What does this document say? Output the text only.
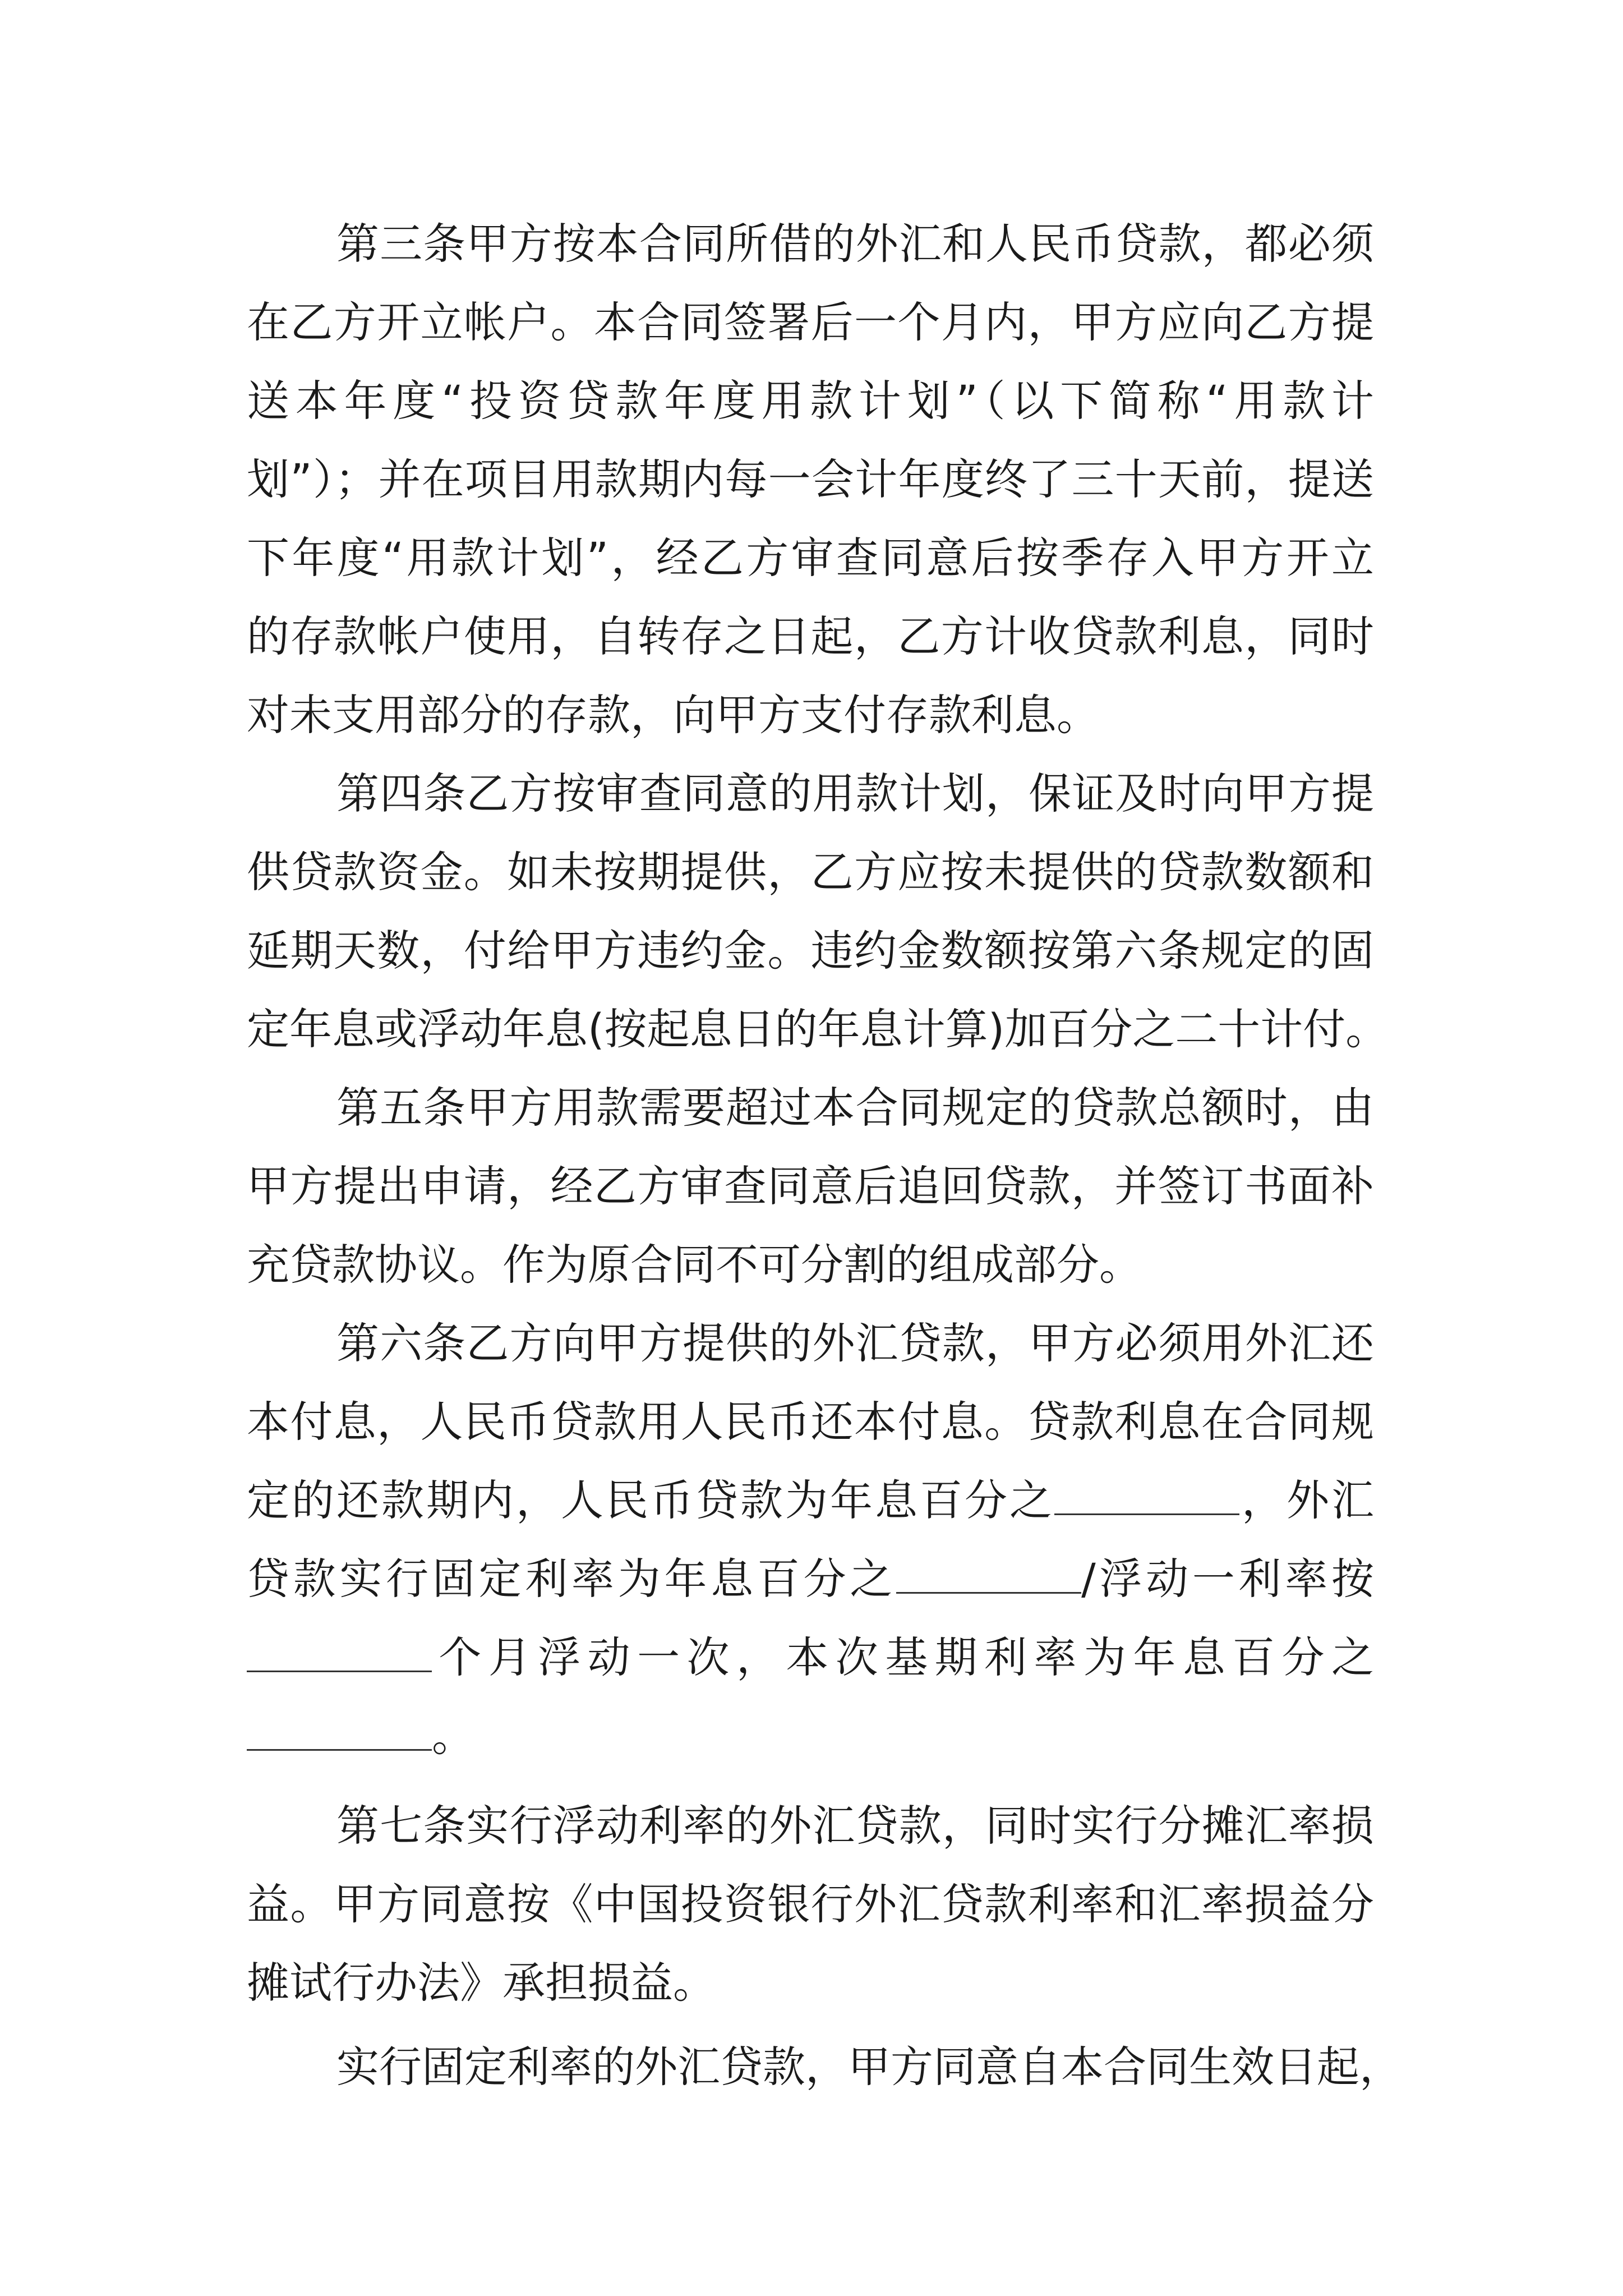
第三条甲方按本合同所借的外汇和人民币贷款，都必须
在乙方开立帐户。本合同签署后一个月内，甲方应向乙方提
送本年度“投资贷款年度用款计划”（以下简称“用款计
划”）；并在项目用款期内每一会计年度终了三十天前，提送
下年度“用款计划”，经乙方审查同意后按季存入甲方开立
的存款帐户使用，自转存之日起，乙方计收贷款利息，同时
对未支用部分的存款，向甲方支付存款利息。
第四条乙方按审查同意的用款计划，保证及时向甲方提
供贷款资金。如未按期提供，乙方应按未提供的贷款数额和
延期天数，付给甲方违约金。违约金数额按第六条规定的固
定年息或浮动年息(按起息日的年息计算)加百分之二十计付。
第五条甲方用款需要超过本合同规定的贷款总额时，由
甲方提出申请，经乙方审查同意后追回贷款，并签订书面补
充贷款协议。作为原合同不可分割的组成部分。
第六条乙方向甲方提供的外汇贷款，甲方必须用外汇还
本付息，人民币贷款用人民币还本付息。贷款利息在合同规
定的还款期内，人民币贷款为年息百分之	，外汇
贷款实行固定利率为年息百分之	/浮动一利率按
个月浮动一次，本次基期利率为年息百分之
。
第七条实行浮动利率的外汇贷款，同时实行分摊汇率损
益。甲方同意按《中国投资银行外汇贷款利率和汇率损益分
摊试行办法》承担损益。
实行固定利率的外汇贷款，甲方同意自本合同生效日起，
